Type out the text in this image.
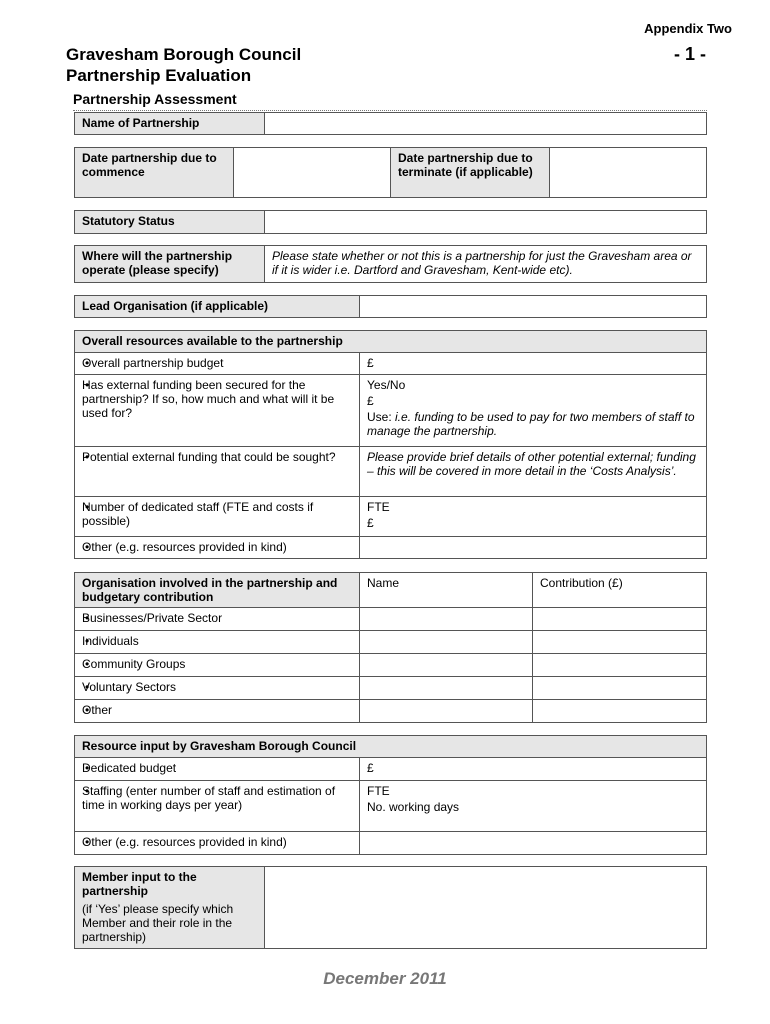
Appendix Two
- 1 -
Gravesham Borough Council
Partnership Evaluation
Partnership Assessment
Name of Partnership	
Date partnership due to commence		Date partnership due to terminate (if applicable)	
Statutory Status	
Where will the partnership operate (please specify)	Please state whether or not this is a partnership for just the Gravesham area or if it is wider i.e. Dartford and Gravesham, Kent-wide etc).
Lead Organisation (if applicable)	
Overall resources available to the partnership	
• Overall partnership budget	£
• Has external funding been secured for the partnership? If so, how much and what will it be used for?	Yes/No
£
Use: i.e. funding to be used to pay for two members of staff to manage the partnership.

• Potential external funding that could be sought?	Please provide brief details of other potential external; funding – this will be covered in more detail in the ‘Costs Analysis’.
• Number of dedicated staff (FTE and costs if possible)	FTE
£

• Other (e.g. resources provided in kind)	
Organisation involved in the partnership and budgetary contribution	Name	Contribution (£)
• Businesses/Private Sector		
• Individuals		
• Community Groups		
• Voluntary Sectors		
• Other		
Resource input by Gravesham Borough Council	
• Dedicated budget	£
• Staffing (enter number of staff and estimation of time in working days per year)	FTE
No. working days

• Other (e.g. resources provided in kind)	
Member input to the partnership
(if ‘Yes’ please specify which Member and their role in the partnership)

December 2011
